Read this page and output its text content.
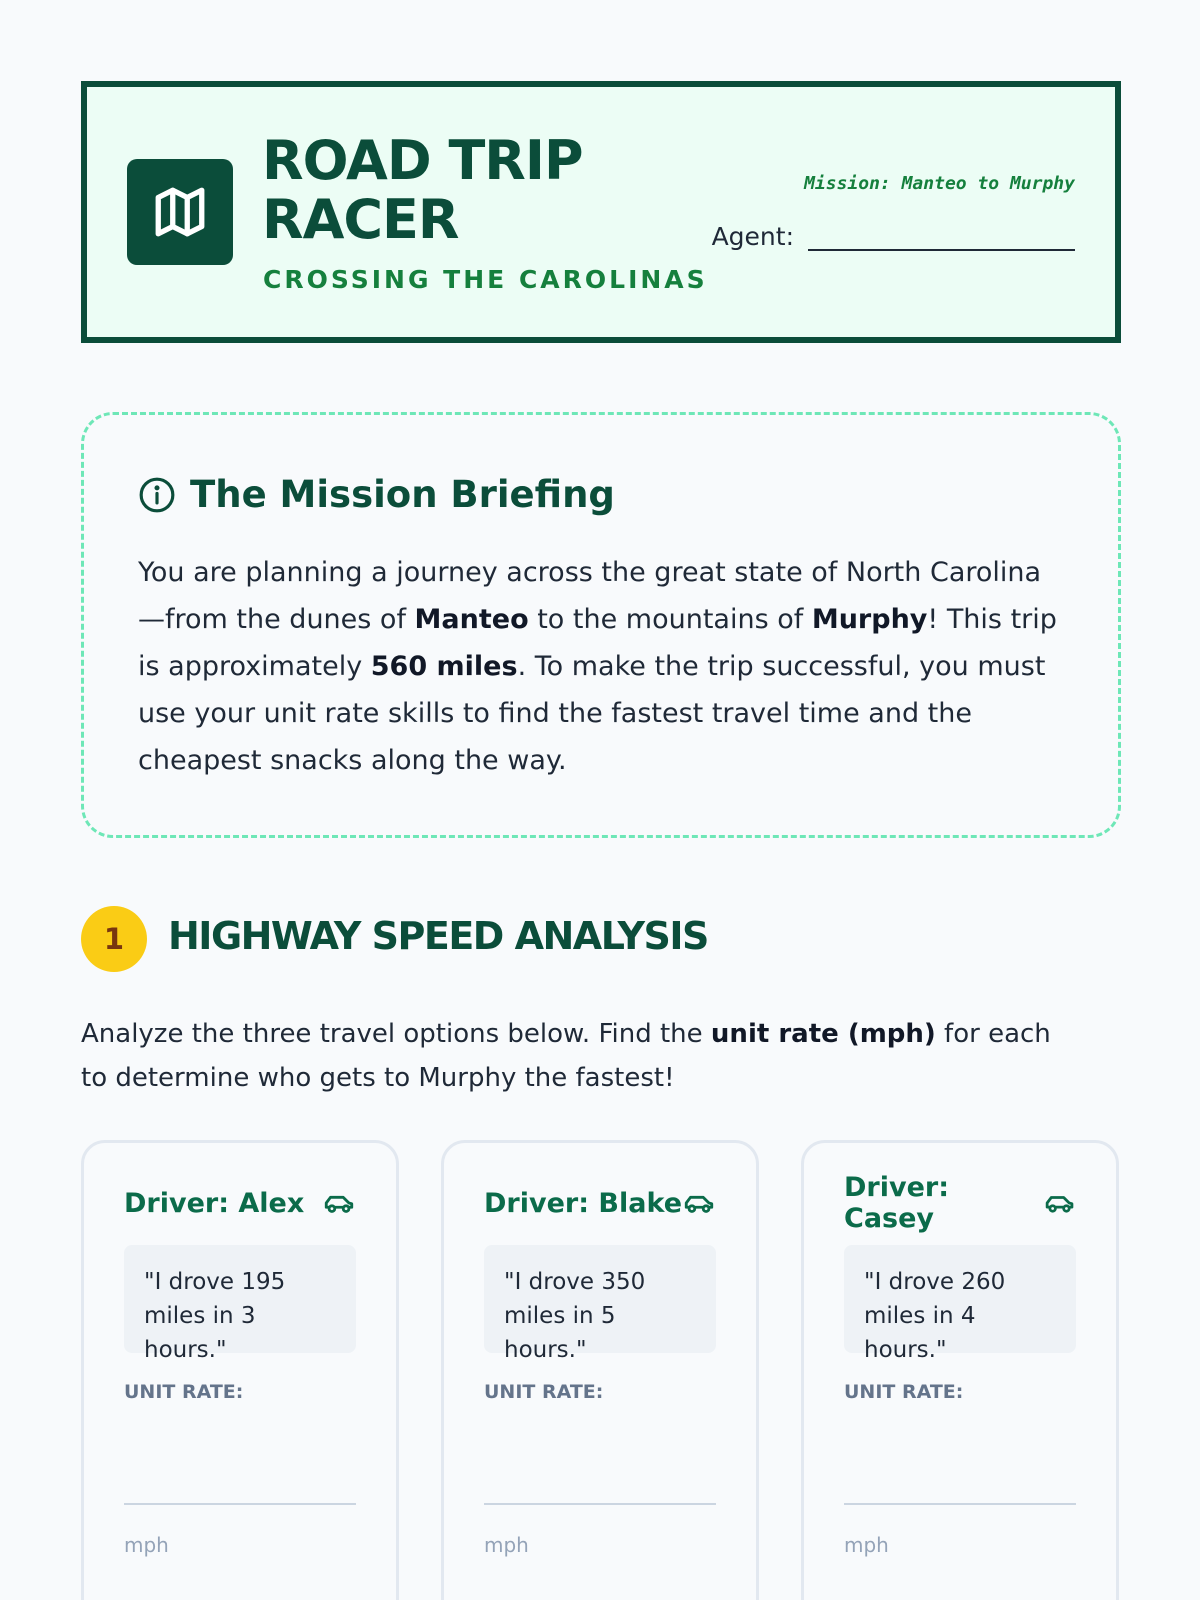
ROAD TRIP
RACER
CROSSING THE CAROLINAS
Mission: Manteo to Murphy
Agent:
The Mission Briefing

You are planning a journey across the great state of North Carolina—from the dunes of Manteo to the mountains of Murphy! This trip is approximately 560 miles. To make the trip successful, you must use your unit rate skills to find the fastest travel time and the cheapest snacks along the way.

1	HIGHWAY SPEED ANALYSIS

Analyze the three travel options below. Find the unit rate (mph) for each to determine who gets to Murphy the fastest!

Driver: Alex
"I drove 195 miles in 3 hours."
UNIT RATE:
mph
Driver: Blake
"I drove 350 miles in 5 hours."
UNIT RATE:
mph
Driver: Casey
"I drove 260 miles in 4 hours."
UNIT RATE:
mph
